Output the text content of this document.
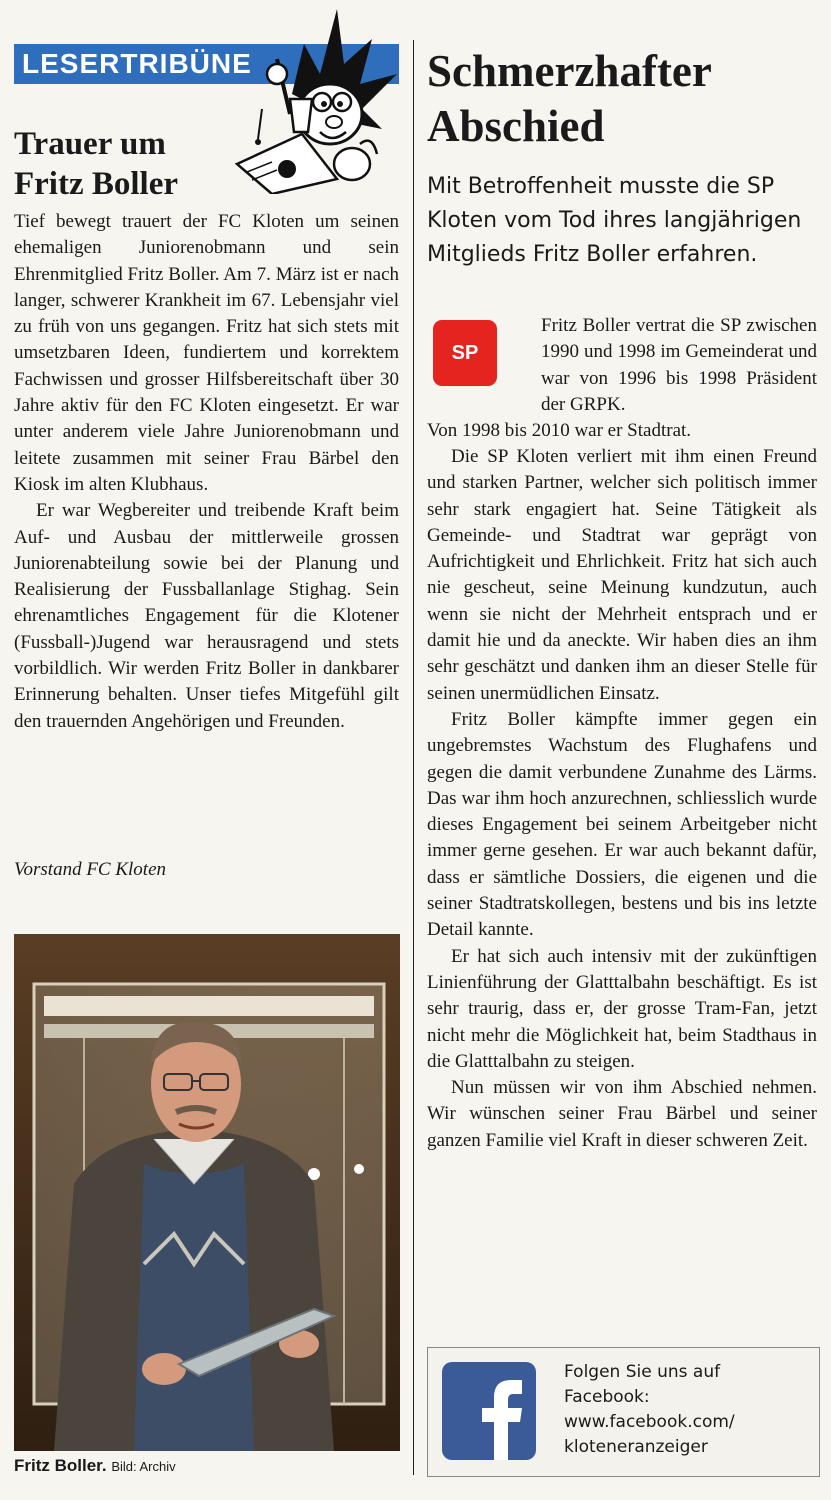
LESERTRIBÜNE
Trauer um
Fritz Boller

Tief bewegt trauert der FC Kloten um seinen ehemaligen Juniorenobmann und sein Ehrenmitglied Fritz Boller. Am 7. März ist er nach langer, schwerer Krankheit im 67. Lebensjahr viel zu früh von uns gegangen. Fritz hat sich stets mit umsetzbaren Ideen, fundiertem und korrektem Fachwissen und grosser Hilfsbereitschaft über 30 Jahre aktiv für den FC Kloten eingesetzt. Er war unter anderem viele Jahre Juniorenobmann und leitete zusammen mit seiner Frau Bärbel den Kiosk im alten Klubhaus.

Er war Wegbereiter und treibende Kraft beim Auf- und Ausbau der mittlerweile grossen Juniorenabteilung sowie bei der Planung und Realisierung der Fussballanlage Stighag. Sein ehrenamtliches Engagement für die Klotener (Fussball-)Jugend war herausragend und stets vorbildlich. Wir werden Fritz Boller in dankbarer Erinnerung behalten. Unser tiefes Mitgefühl gilt den trauernden Angehörigen und Freunden.

Vorstand FC Kloten
Fritz Boller. Bild: Archiv
Schmerzhafter
Abschied
Mit Betroffenheit musste die SP Kloten vom Tod ihres langjährigen Mitglieds Fritz Boller erfahren.
SP
Fritz Boller vertrat die SP zwischen 1990 und 1998 im Gemeinderat und war von 1996 bis 1998 Präsident der GRPK.
Von 1998 bis 2010 war er Stadtrat.

Die SP Kloten verliert mit ihm einen Freund und starken Partner, welcher sich politisch immer sehr stark engagiert hat. Seine Tätigkeit als Gemeinde- und Stadtrat war geprägt von Aufrichtigkeit und Ehrlichkeit. Fritz hat sich auch nie gescheut, seine Meinung kundzutun, auch wenn sie nicht der Mehrheit entsprach und er damit hie und da aneckte. Wir haben dies an ihm sehr geschätzt und danken ihm an dieser Stelle für seinen unermüdlichen Einsatz.

Fritz Boller kämpfte immer gegen ein ungebremstes Wachstum des Flughafens und gegen die damit verbundene Zunahme des Lärms. Das war ihm hoch anzurechnen, schliesslich wurde dieses Engagement bei seinem Arbeitgeber nicht immer gerne gesehen. Er war auch bekannt dafür, dass er sämtliche Dossiers, die eigenen und die seiner Stadtratskollegen, bestens und bis ins letzte Detail kannte.

Er hat sich auch intensiv mit der zukünftigen Linienführung der Glatttalbahn beschäftigt. Es ist sehr traurig, dass er, der grosse Tram-Fan, jetzt nicht mehr die Möglichkeit hat, beim Stadthaus in die Glatttalbahn zu steigen.

Nun müssen wir von ihm Abschied nehmen. Wir wünschen seiner Frau Bärbel und seiner ganzen Familie viel Kraft in dieser schweren Zeit.

Folgen Sie uns auf
Facebook:
www.facebook.com/
kloteneranzeiger
